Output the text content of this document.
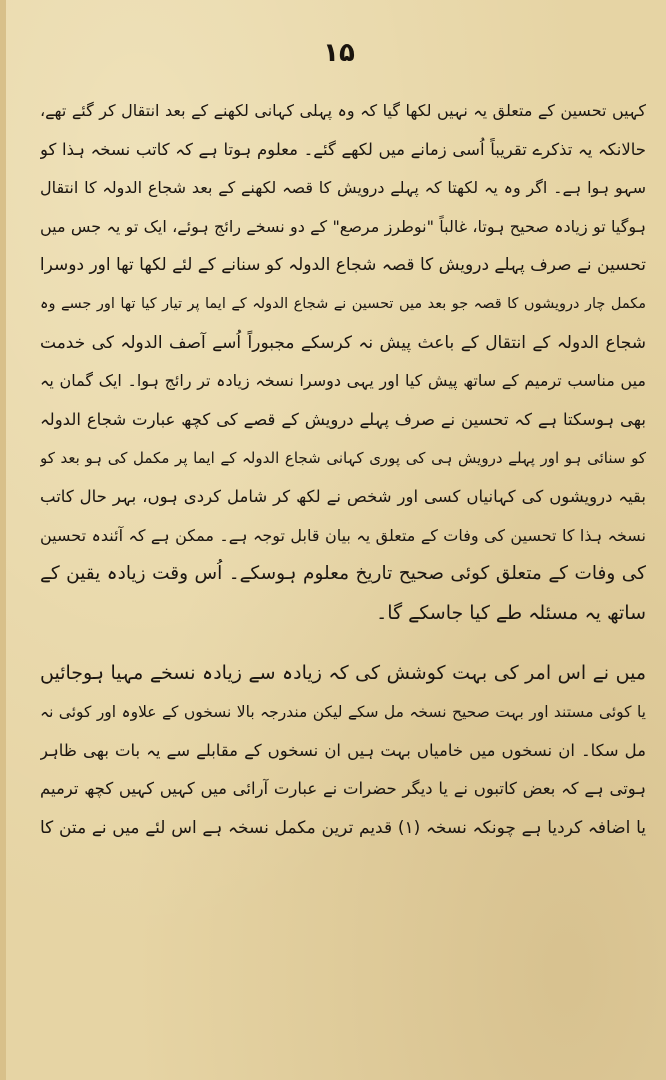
۱۵
کہیں تحسین کے متعلق یہ نہیں لکھا گیا کہ وہ پہلی کہانی لکھنے کے بعد انتقال کر گئے تھے،
حالانکہ یہ تذکرے تقریباً اُسی زمانے میں لکھے گئے۔ معلوم ہوتا ہے کہ کاتب نسخہ ہذا کو
سہو ہوا ہے۔ اگر وہ یہ لکھتا کہ پہلے درویش کا قصہ لکھنے کے بعد شجاع الدولہ کا انتقال
ہوگیا تو زیادہ صحیح ہوتا، غالباً "نوطرز مرصع" کے دو نسخے رائج ہوئے، ایک تو یہ جس میں
تحسین نے صرف پہلے درویش کا قصہ شجاع الدولہ کو سنانے کے لئے لکھا تھا اور دوسرا
مکمل چار درویشوں کا قصہ جو بعد میں تحسین نے شجاع الدولہ کے ایما پر تیار کیا تھا اور جسے وہ
شجاع الدولہ کے انتقال کے باعث پیش نہ کرسکے مجبوراً اُسے آصف الدولہ کی خدمت
میں مناسب ترمیم کے ساتھ پیش کیا اور یہی دوسرا نسخہ زیادہ تر رائج ہوا۔ ایک گمان یہ
بھی ہوسکتا ہے کہ تحسین نے صرف پہلے درویش کے قصے کی کچھ عبارت شجاع الدولہ
کو سنائی ہو اور پہلے درویش ہی کی پوری کہانی شجاع الدولہ کے ایما پر مکمل کی ہو بعد کو
بقیہ درویشوں کی کہانیاں کسی اور شخص نے لکھ کر شامل کردی ہوں، بہر حال کاتب
نسخہ ہذا کا تحسین کی وفات کے متعلق یہ بیان قابل توجہ ہے۔ ممکن ہے کہ آئندہ تحسین
کی وفات کے متعلق کوئی صحیح تاریخ معلوم ہوسکے۔ اُس وقت زیادہ یقین کے
ساتھ یہ مسئلہ طے کیا جاسکے گا۔
میں نے اس امر کی بہت کوشش کی کہ زیادہ سے زیادہ نسخے مہیا ہوجائیں
یا کوئی مستند اور بہت صحیح نسخہ مل سکے لیکن مندرجہ بالا نسخوں کے علاوہ اور کوئی نہ
مل سکا۔ ان نسخوں میں خامیاں بہت ہیں ان نسخوں کے مقابلے سے یہ بات بھی ظاہر
ہوتی ہے کہ بعض کاتبوں نے یا دیگر حضرات نے عبارت آرائی میں کہیں کہیں کچھ ترمیم
یا اضافہ کردیا ہے چونکہ نسخہ (۱) قدیم ترین مکمل نسخہ ہے اس لئے میں نے متن کا
